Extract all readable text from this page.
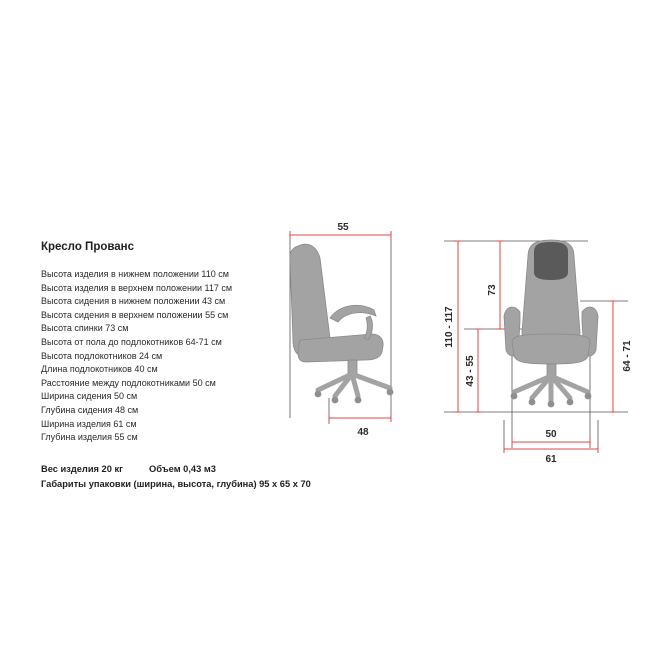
Кресло Прованс
Высота изделия в нижнем положении 110 см
Высота изделия в верхнем положении 117 см
Высота сидения в нижнем положении 43 см
Высота сидения в верхнем положении 55 см
Высота спинки 73 см
Высота от пола до подлокотников 64-71 см
Высота подлокотников 24 см
Длина подлокотников 40 см
Расстояние между подлокотниками 50 см
Ширина сидения 50 см
Глубина сидения 48 см
Ширина изделия 61 см
Глубина изделия 55 см
Вес изделия 20 кг	Объем 0,43 м3
Габариты упаковки (ширина, высота, глубина) 95 х 65 х 70
55
48
110 - 117
73
43 - 55	64 - 71
50
61
